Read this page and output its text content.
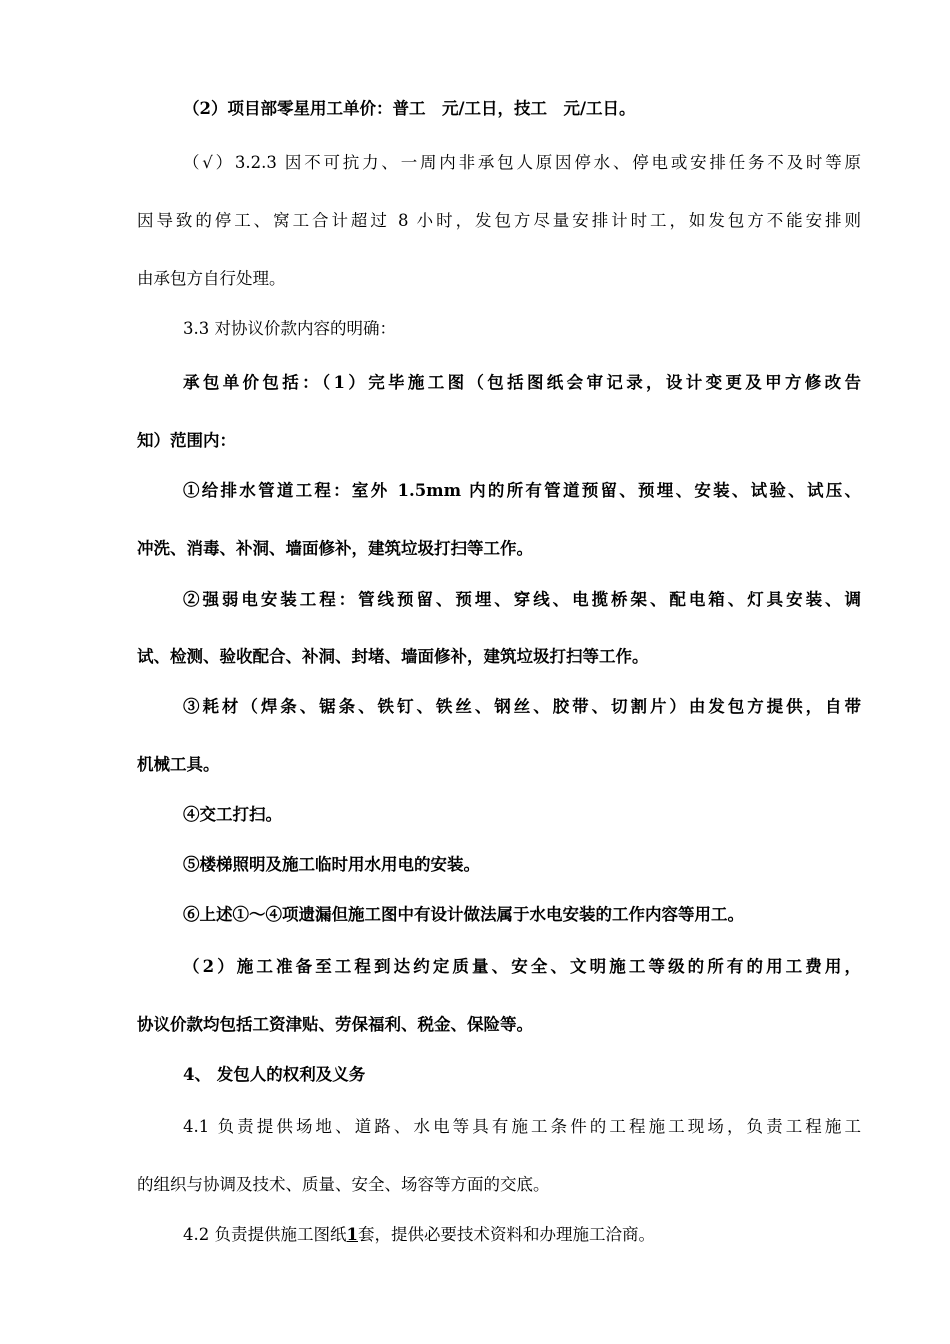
（2）项目部零星用工单价：普工　元/工日，技工　元/工日。
（√）3.2.3 因不可抗力、一周内非承包人原因停水、停电或安排任务不及时等原
因导致的停工、窝工合计超过 8 小时，发包方尽量安排计时工，如发包方不能安排则
由承包方自行处理。
3.3 对协议价款内容的明确：
承包单价包括：（1）完毕施工图（包括图纸会审记录，设计变更及甲方修改告
知）范围内：
①给排水管道工程：室外 1.5mm 内的所有管道预留、预埋、安装、试验、试压、
冲洗、消毒、补洞、墙面修补，建筑垃圾打扫等工作。
②强弱电安装工程：管线预留、预埋、穿线、电揽桥架、配电箱、灯具安装、调
试、检测、验收配合、补洞、封堵、墙面修补，建筑垃圾打扫等工作。
③耗材（焊条、锯条、铁钉、铁丝、钢丝、胶带、切割片）由发包方提供，自带
机械工具。
④交工打扫。
⑤楼梯照明及施工临时用水用电的安装。
⑥上述①～④项遗漏但施工图中有设计做法属于水电安装的工作内容等用工。
（2）施工准备至工程到达约定质量、安全、文明施工等级的所有的用工费用，
协议价款均包括工资津贴、劳保福利、税金、保险等。
4、 发包人的权利及义务
4.1 负责提供场地、道路、水电等具有施工条件的工程施工现场，负责工程施工
的组织与协调及技术、质量、安全、场容等方面的交底。
4.2 负责提供施工图纸1套，提供必要技术资料和办理施工洽商。
